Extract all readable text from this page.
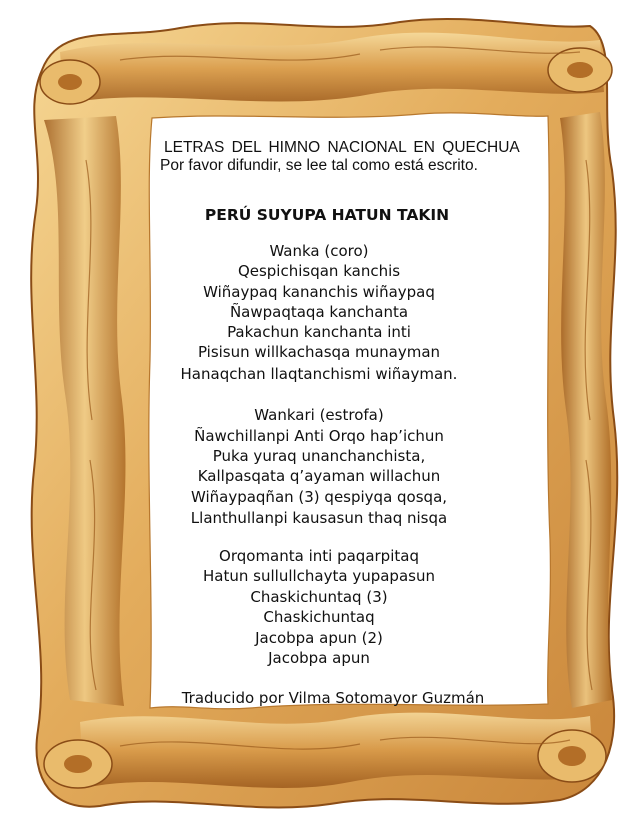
LETRAS DEL HIMNO NACIONAL EN QUECHUA
Por favor difundir, se lee tal como está escrito.
PERÚ SUYUPA HATUN TAKIN
Wanka (coro)
Qespichisqan kanchis
Wiñaypaq kananchis wiñaypaq
Ñawpaqtaqa kanchanta
Pakachun kanchanta inti
Pisisun willkachasqa munayman
Hanaqchan llaqtanchismi wiñayman.
Wankari (estrofa)
Ñawchillanpi Anti Orqo hap’ichun
Puka yuraq unanchanchista,
Kallpasqata q’ayaman willachun
Wiñaypaqñan (3) qespiyqa qosqa,
Llanthullanpi kausasun thaq nisqa
Orqomanta inti paqarpitaq
Hatun sullullchayta yupapasun
Chaskichuntaq (3)
Chaskichuntaq
Jacobpa apun (2)
Jacobpa apun
Traducido por Vilma Sotomayor Guzmán
